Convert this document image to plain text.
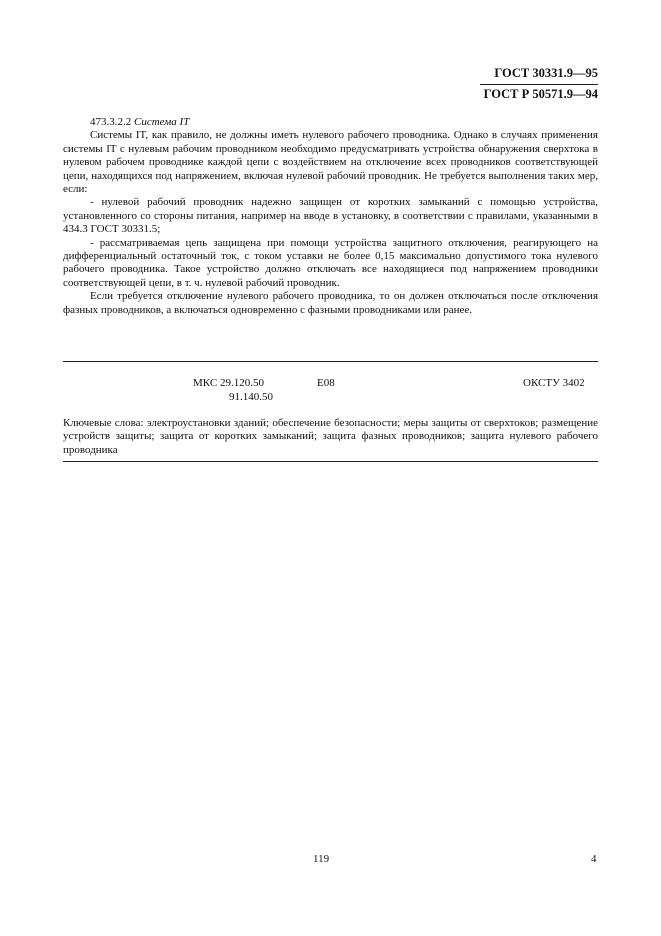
ГОСТ 30331.9—95
ГОСТ Р 50571.9—94

473.3.2.2 Система IT

Системы IT, как правило, не должны иметь нулевого рабочего проводника. Однако в случаях применения системы IT с нулевым рабочим проводником необходимо предусматривать устройства обнаружения сверхтока в нулевом рабочем проводнике каждой цепи с воздействием на отключение всех проводников соответствующей цепи, находящихся под напряжением, включая нулевой рабочий проводник. Не требуется выполнения таких мер, если:

- нулевой рабочий проводник надежно защищен от коротких замыканий с помощью устройства, установленного со стороны питания, например на вводе в установку, в соответствии с правилами, указанными в 434.3 ГОСТ 30331.5;

- рассматриваемая цепь защищена при помощи устройства защитного отключения, реагирующего на дифференциальный остаточный ток, с током уставки не более 0,15 максимально допустимого тока нулевого рабочего проводника. Такое устройство должно отключать все находящиеся под напряжением проводники соответствующей цепи, в т. ч. нулевой рабочий проводник.

Если требуется отключение нулевого рабочего проводника, то он должен отключаться после отключения фазных проводников, а включаться одновременно с фазными проводниками или ранее.

МКС 29.120.50
91.140.50
Е08	ОКСТУ 3402
Ключевые слова: электроустановки зданий; обеспечение безопасности; меры защиты от сверхтоков; размещение устройств защиты; защита от коротких замыканий; защита фазных проводников; защита нулевого рабочего проводника
119	4
